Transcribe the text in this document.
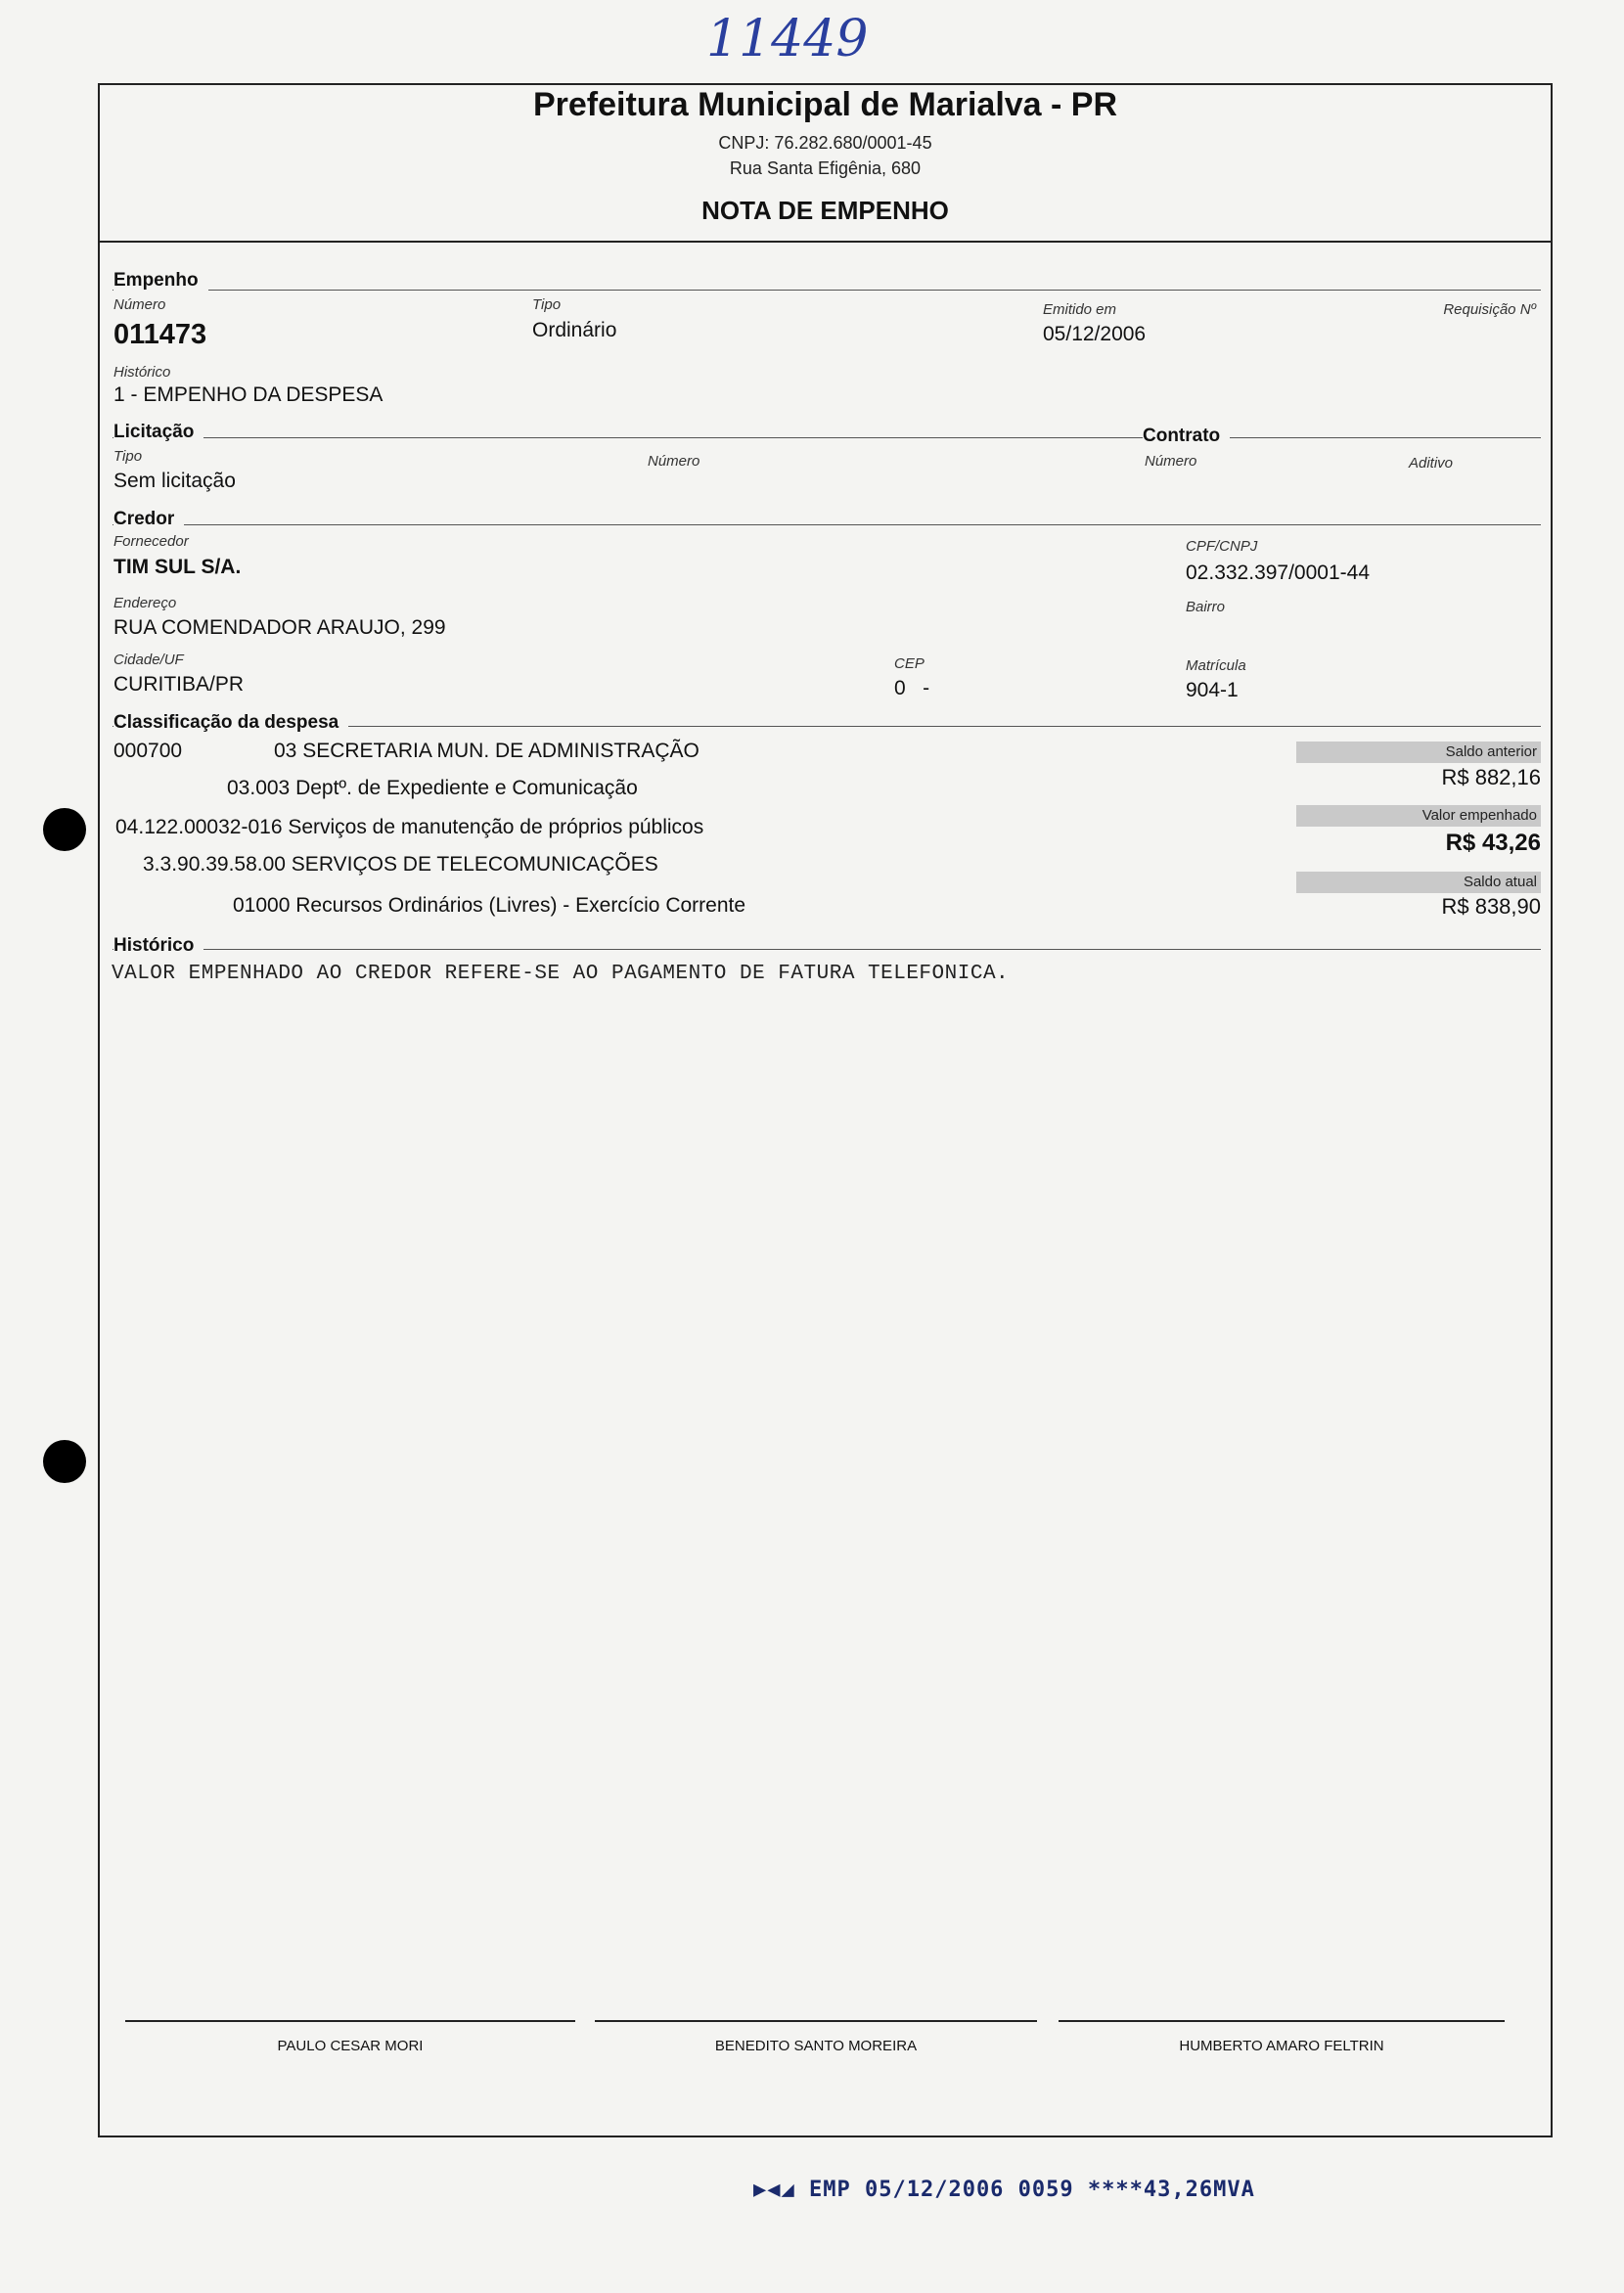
11449
Prefeitura Municipal de Marialva - PR
CNPJ: 76.282.680/0001-45
Rua Santa Efigênia, 680
NOTA DE EMPENHO
Empenho
Número
011473
Tipo
Ordinário
Emitido em
05/12/2006
Requisição Nº
Histórico
1 - EMPENHO DA DESPESA
Licitação	Contrato
Tipo
Sem licitação
Número	Número	Aditivo
Credor
Fornecedor
TIM SUL S/A.
CPF/CNPJ
02.332.397/0001-44
Endereço
RUA COMENDADOR ARAUJO, 299
Bairro
Cidade/UF
CURITIBA/PR
CEP
0   -
Matrícula
904-1
Classificação da despesa
000700	03 SECRETARIA MUN. DE ADMINISTRAÇÃO
03.003 Deptº. de Expediente e Comunicação
04.122.00032-016 Serviços de manutenção de próprios públicos
3.3.90.39.58.00 SERVIÇOS DE TELECOMUNICAÇÕES
01000 Recursos Ordinários (Livres) - Exercício Corrente
Saldo anterior
R$ 882,16
Valor empenhado
R$ 43,26
Saldo atual
R$ 838,90
Histórico
VALOR EMPENHADO AO CREDOR REFERE-SE AO PAGAMENTO DE FATURA TELEFONICA.
PAULO CESAR MORI	BENEDITO SANTO MOREIRA	HUMBERTO AMARO FELTRIN
▶◀◢ EMP 05/12/2006 0059 ****43,26MVA
